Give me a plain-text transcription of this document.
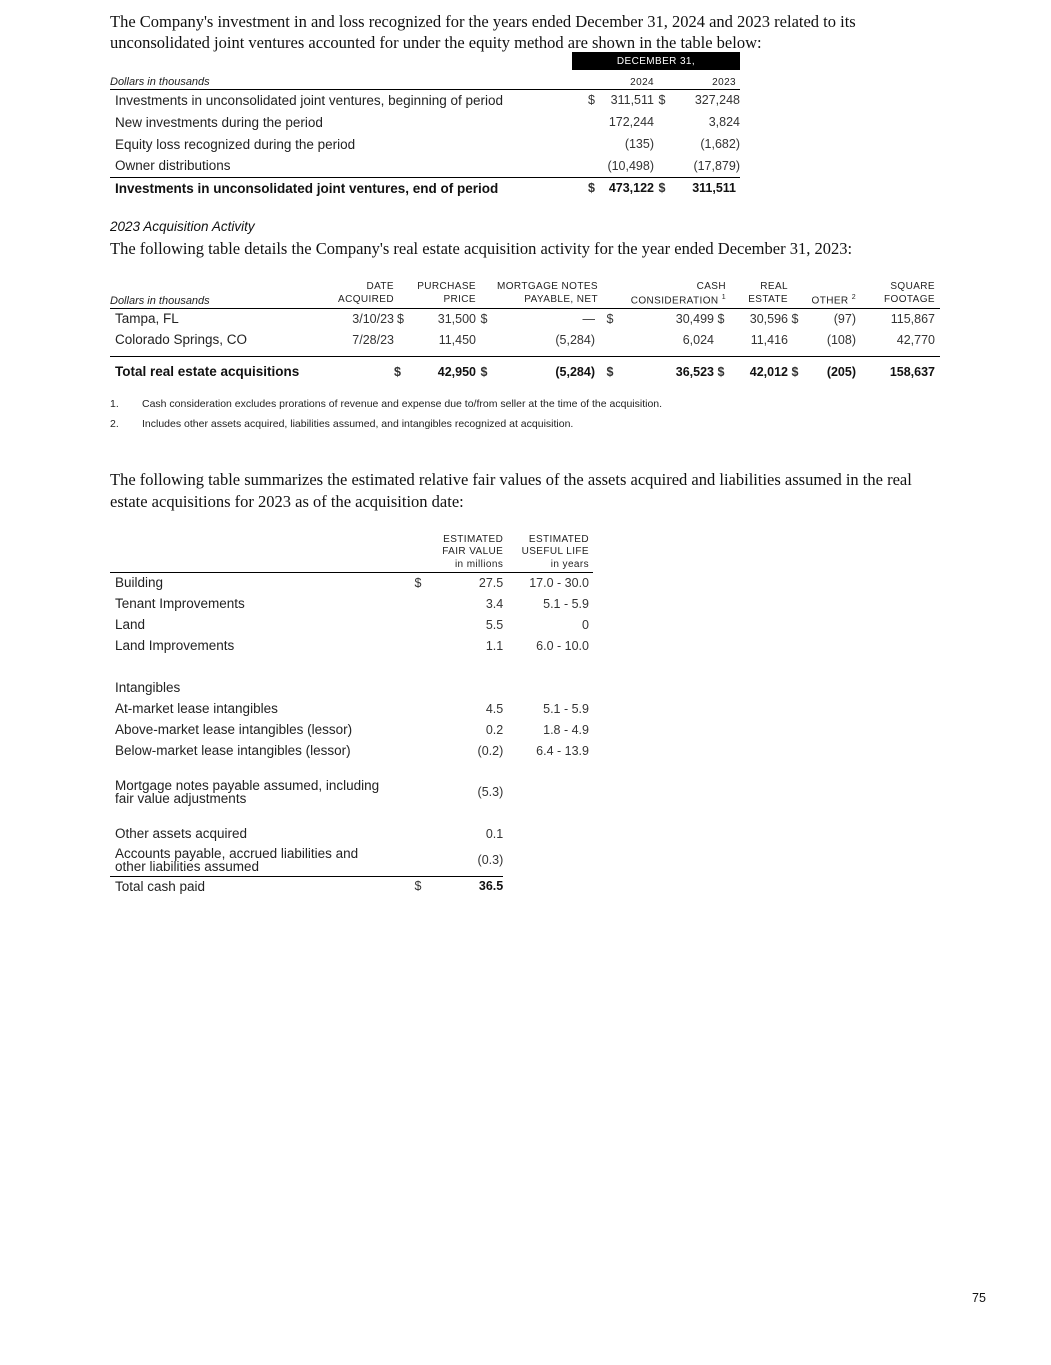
The Company's investment in and loss recognized for the years ended December 31, 2024 and 2023 related to its unconsolidated joint ventures accounted for under the equity method are shown in the table below:
	DECEMBER 31,			
Dollars in thousands		2024		2023
Investments in unconsolidated joint ventures, beginning of period	$	311,511	$	327,248
New investments during the period		172,244		3,824
Equity loss recognized during the period		(135)		(1,682)
Owner distributions		(10,498)		(17,879)
Investments in unconsolidated joint ventures, end of period	$	473,122	$	311,511
2023 Acquisition Activity
The following table details the Company's real estate acquisition activity for the year ended December 31, 2023:
	DATE		PURCHASE		MORTGAGE NOTES		CASH		REAL			SQUARE
Dollars in thousands	ACQUIRED		PRICE		PAYABLE, NET		CONSIDERATION $^1$		ESTATE		OTHER $^2$	FOOTAGE
Tampa, FL	3/10/23	$	31,500	$	—	$	30,499	$	30,596	$	(97)	115,867
Colorado Springs, CO	7/28/23		11,450		(5,284)		6,024		11,416		(108)	42,770

Total real estate acquisitions		$	42,950	$	(5,284)	$	36,523	$	42,012	$	(205)	158,637
1. Cash consideration excludes prorations of revenue and expense due to/from seller at the time of the acquisition.
2. Includes other assets acquired, liabilities assumed, and intangibles recognized at acquisition.
The following table summarizes the estimated relative fair values of the assets acquired and liabilities assumed in the real estate acquisitions for 2023 as of the acquisition date:
		ESTIMATED	ESTIMATED
		FAIR VALUE	USEFUL LIFE
		in millions	in years
Building	$	27.5	17.0 - 30.0
Tenant Improvements		3.4	5.1 - 5.9
Land		5.5	0
Land Improvements		1.1	6.0 - 10.0

Intangibles			
At-market lease intangibles		4.5	5.1 - 5.9
Above-market lease intangibles (lessor)		0.2	1.8 - 4.9
Below-market lease intangibles (lessor)		(0.2)	6.4 - 13.9

Mortgage notes payable assumed, including
fair value adjustments		(5.3)	

Other assets acquired		0.1	
Accounts payable, accrued liabilities and
other liabilities assumed		(0.3)	
Total cash paid	$	36.5	
75
